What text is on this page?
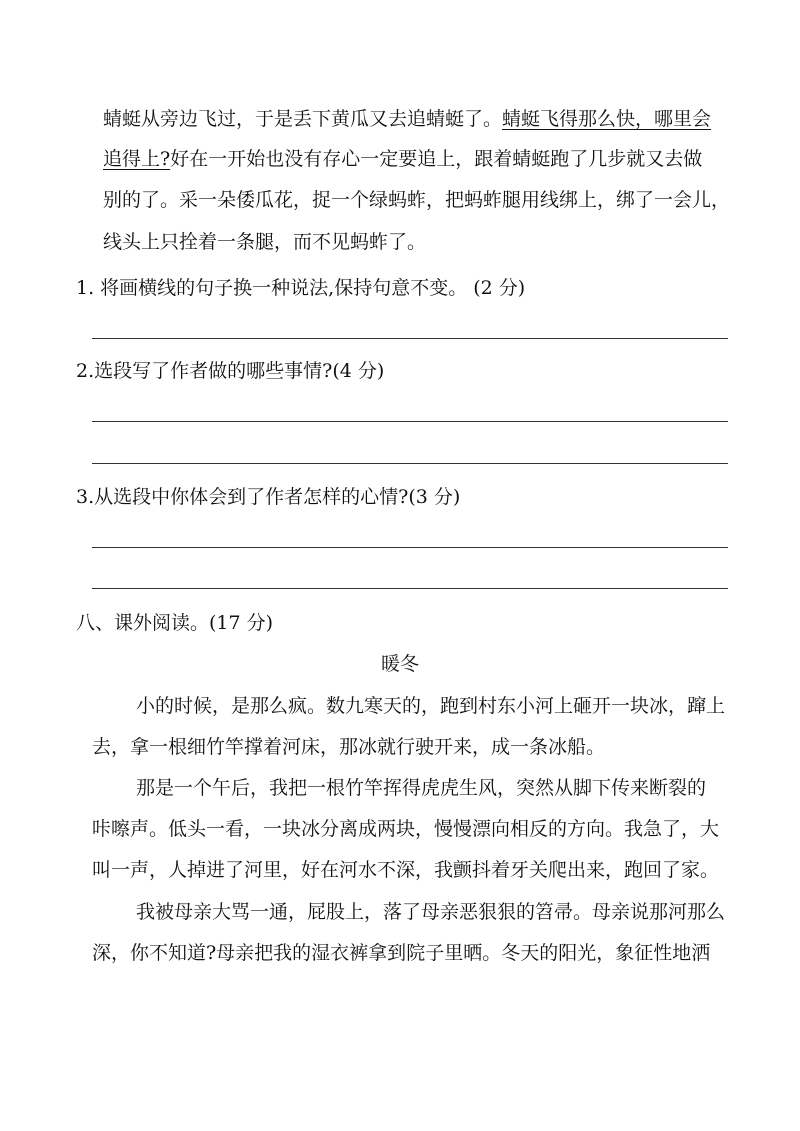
蜻蜓从旁边飞过，于是丢下黄瓜又去追蜻蜓了。蜻蜓飞得那么快，哪里会
追得上?好在一开始也没有存心一定要追上，跟着蜻蜓跑了几步就又去做
别的了。采一朵倭瓜花，捉一个绿蚂蚱，把蚂蚱腿用线绑上，绑了一会儿，
线头上只拴着一条腿，而不见蚂蚱了。
1. 将画横线的句子换一种说法,保持句意不变。 (2 分)
2.选段写了作者做的哪些事情?(4 分)
3.从选段中你体会到了作者怎样的心情?(3 分)
八、课外阅读。(17 分)
暖冬
小的时候，是那么疯。数九寒天的，跑到村东小河上砸开一块冰，蹿上
去，拿一根细竹竿撑着河床，那冰就行驶开来，成一条冰船。
那是一个午后，我把一根竹竿挥得虎虎生风，突然从脚下传来断裂的
咔嚓声。低头一看，一块冰分离成两块，慢慢漂向相反的方向。我急了，大
叫一声，人掉进了河里，好在河水不深，我颤抖着牙关爬出来，跑回了家。
我被母亲大骂一通，屁股上，落了母亲恶狠狠的笤帚。母亲说那河那么
深，你不知道?母亲把我的湿衣裤拿到院子里晒。冬天的阳光，象征性地洒
